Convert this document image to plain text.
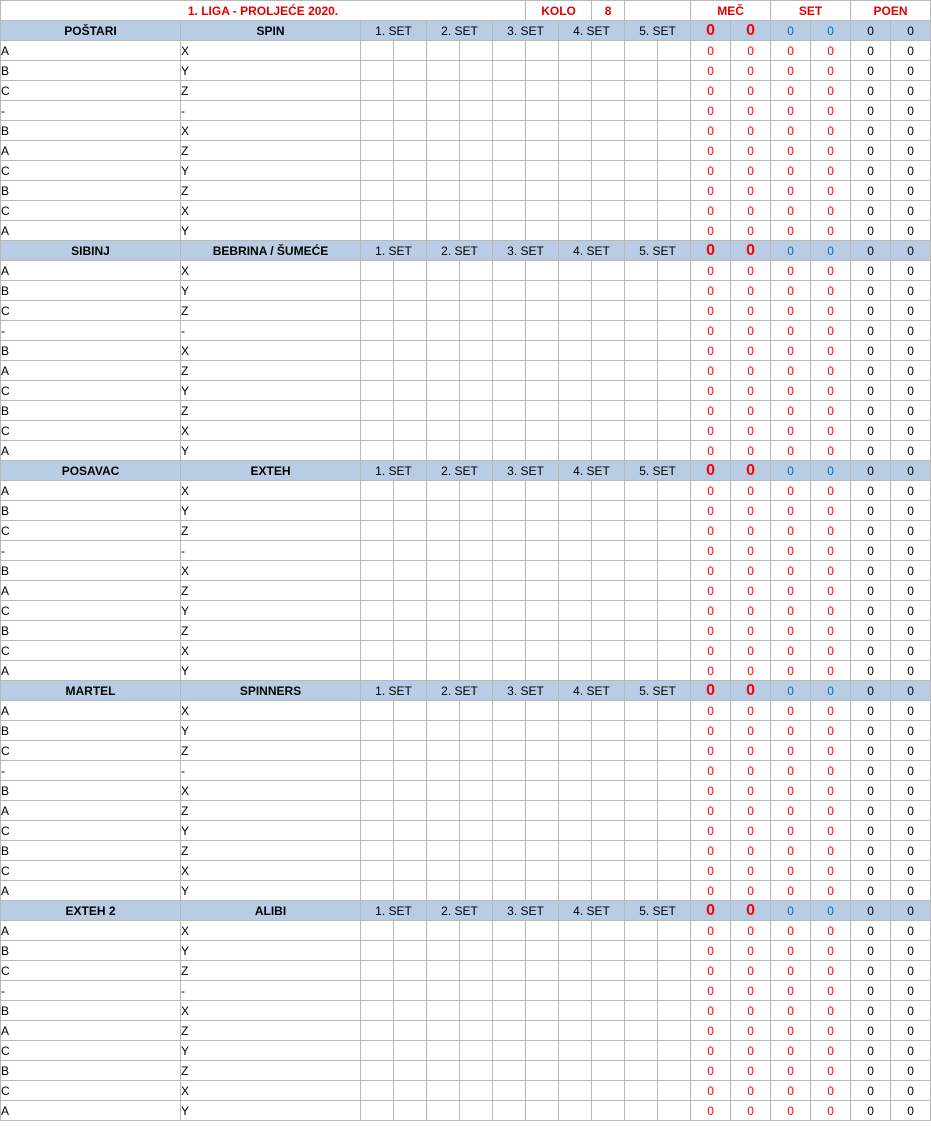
1. LIGA - PROLJEĆE 2020.							KOLO		8			MEČ		SET		POEN	
POŠTARI	SPIN	1. SET		2. SET		3. SET		4. SET		5. SET		0	0	0	0	0	0
A	X											0	0	0	0	0	0
B	Y											0	0	0	0	0	0
C	Z											0	0	0	0	0	0
-	-											0	0	0	0	0	0
B	X											0	0	0	0	0	0
A	Z											0	0	0	0	0	0
C	Y											0	0	0	0	0	0
B	Z											0	0	0	0	0	0
C	X											0	0	0	0	0	0
A	Y											0	0	0	0	0	0
SIBINJ	BEBRINA / ŠUMEĆE	1. SET		2. SET		3. SET		4. SET		5. SET		0	0	0	0	0	0
A	X											0	0	0	0	0	0
B	Y											0	0	0	0	0	0
C	Z											0	0	0	0	0	0
-	-											0	0	0	0	0	0
B	X											0	0	0	0	0	0
A	Z											0	0	0	0	0	0
C	Y											0	0	0	0	0	0
B	Z											0	0	0	0	0	0
C	X											0	0	0	0	0	0
A	Y											0	0	0	0	0	0
POSAVAC	EXTEH	1. SET		2. SET		3. SET		4. SET		5. SET		0	0	0	0	0	0
A	X											0	0	0	0	0	0
B	Y											0	0	0	0	0	0
C	Z											0	0	0	0	0	0
-	-											0	0	0	0	0	0
B	X											0	0	0	0	0	0
A	Z											0	0	0	0	0	0
C	Y											0	0	0	0	0	0
B	Z											0	0	0	0	0	0
C	X											0	0	0	0	0	0
A	Y											0	0	0	0	0	0
MARTEL	SPINNERS	1. SET		2. SET		3. SET		4. SET		5. SET		0	0	0	0	0	0
A	X											0	0	0	0	0	0
B	Y											0	0	0	0	0	0
C	Z											0	0	0	0	0	0
-	-											0	0	0	0	0	0
B	X											0	0	0	0	0	0
A	Z											0	0	0	0	0	0
C	Y											0	0	0	0	0	0
B	Z											0	0	0	0	0	0
C	X											0	0	0	0	0	0
A	Y											0	0	0	0	0	0
EXTEH 2	ALIBI	1. SET		2. SET		3. SET		4. SET		5. SET		0	0	0	0	0	0
A	X											0	0	0	0	0	0
B	Y											0	0	0	0	0	0
C	Z											0	0	0	0	0	0
-	-											0	0	0	0	0	0
B	X											0	0	0	0	0	0
A	Z											0	0	0	0	0	0
C	Y											0	0	0	0	0	0
B	Z											0	0	0	0	0	0
C	X											0	0	0	0	0	0
A	Y											0	0	0	0	0	0
